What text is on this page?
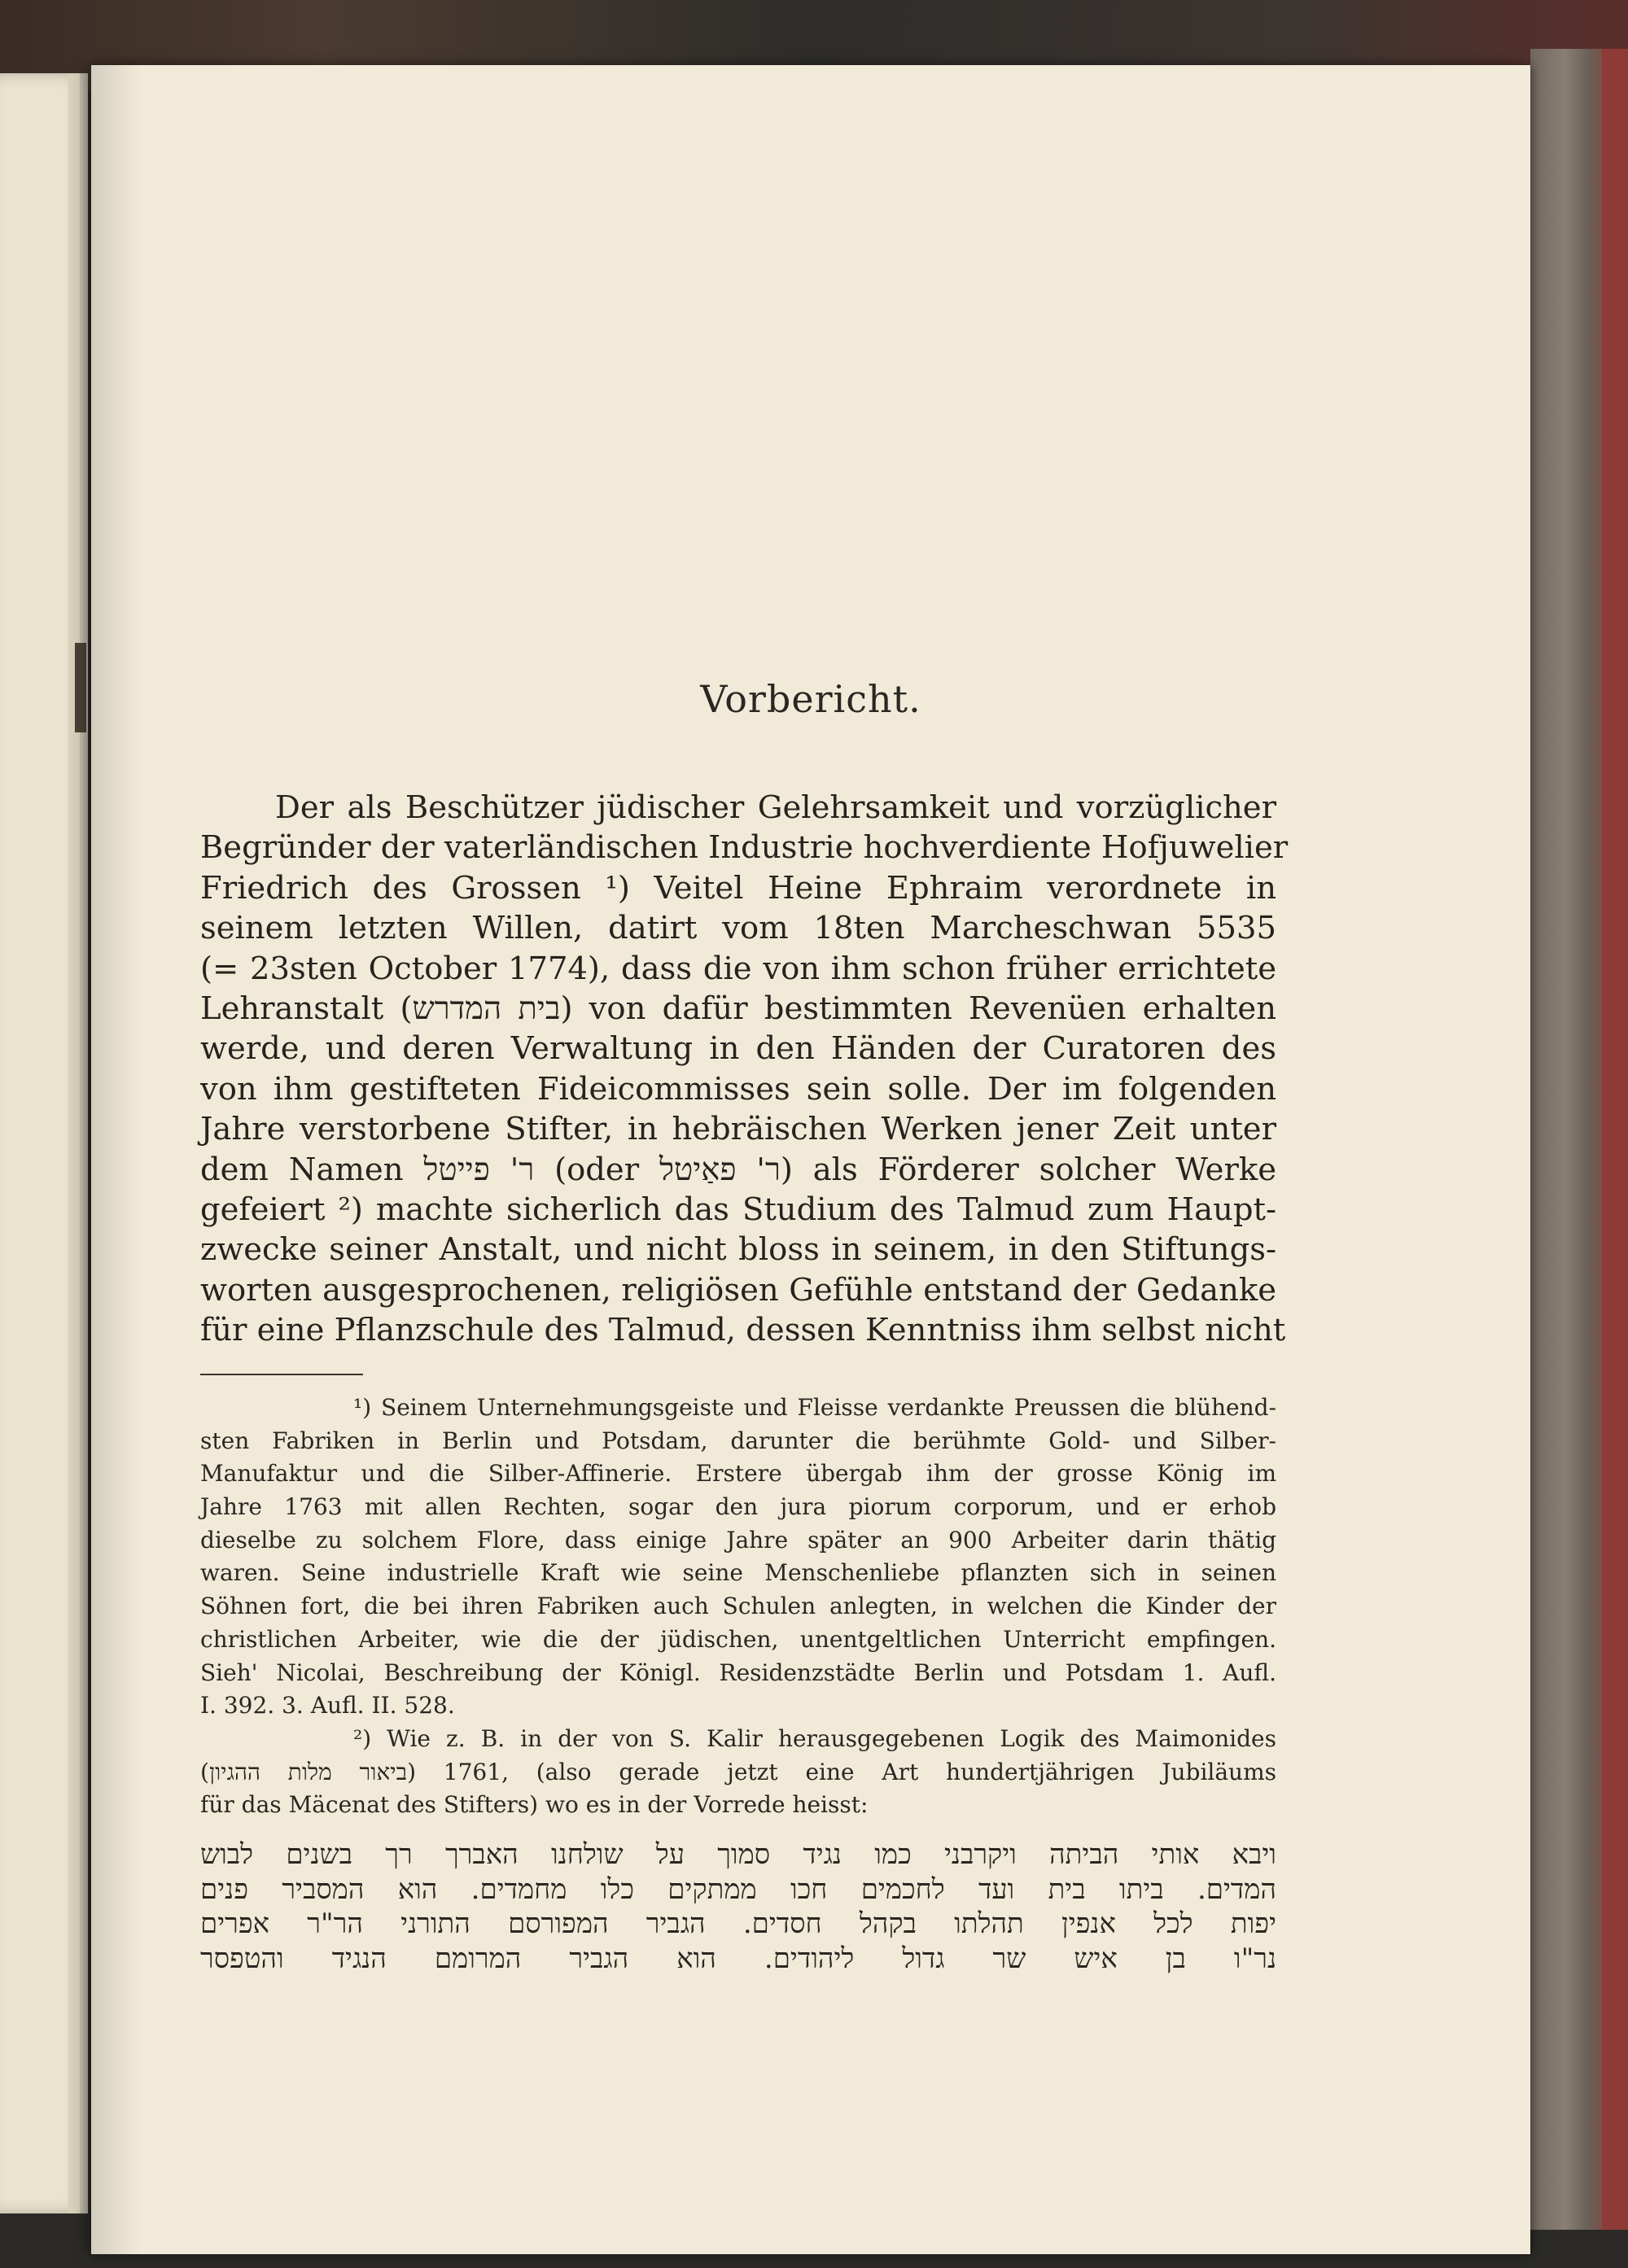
Vorbericht.
Der als Beschützer jüdischer Gelehrsamkeit und vorzüglicher
Begründer der vaterländischen Industrie hochverdiente Hofjuwelier
Friedrich des Grossen ¹) Veitel Heine Ephraim verordnete in
seinem letzten Willen, datirt vom 18ten Marcheschwan 5535
(= 23sten October 1774), dass die von ihm schon früher errichtete
Lehranstalt (בית המדרש) von dafür bestimmten Revenüen erhalten
werde, und deren Verwaltung in den Händen der Curatoren des
von ihm gestifteten Fideicommisses sein solle. Der im folgenden
Jahre verstorbene Stifter, in hebräischen Werken jener Zeit unter
dem Namen ר' פייטל (oder ר' פאַיטל) als Förderer solcher Werke
gefeiert ²) machte sicherlich das Studium des Talmud zum Haupt-
zwecke seiner Anstalt, und nicht bloss in seinem, in den Stiftungs-
worten ausgesprochenen, religiösen Gefühle entstand der Gedanke
für eine Pflanzschule des Talmud, dessen Kenntniss ihm selbst nicht
¹) Seinem Unternehmungsgeiste und Fleisse verdankte Preussen die blühend-
sten Fabriken in Berlin und Potsdam, darunter die berühmte Gold- und Silber-
Manufaktur und die Silber-Affinerie. Erstere übergab ihm der grosse König im
Jahre 1763 mit allen Rechten, sogar den jura piorum corporum, und er erhob
dieselbe zu solchem Flore, dass einige Jahre später an 900 Arbeiter darin thätig
waren. Seine industrielle Kraft wie seine Menschenliebe pflanzten sich in seinen
Söhnen fort, die bei ihren Fabriken auch Schulen anlegten, in welchen die Kinder der
christlichen Arbeiter, wie die der jüdischen, unentgeltlichen Unterricht empfingen.
Sieh' Nicolai, Beschreibung der Königl. Residenzstädte Berlin und Potsdam 1. Aufl.
I. 392. 3. Aufl. II. 528.
²) Wie z. B. in der von S. Kalir herausgegebenen Logik des Maimonides
(ביאור מלות ההגיון) 1761, (also gerade jetzt eine Art hundertjährigen Jubiläums
für das Mäcenat des Stifters) wo es in der Vorrede heisst:
ויבא אותי הביתה ויקרבני כמו נגיד סמוך על שולחנו האברך רך בשנים לבוש
המדים. ביתו בית ועד לחכמים חכו ממתקים כלו מחמדים. הוא המסביר פנים
יפות לכל אנפין תהלתו בקהל חסדים. הגביר המפורסם התורני הר"ר אפרים
נר"ו בן איש שר גדול ליהודים. הוא הגביר המרומם הנגיד והטפסר
